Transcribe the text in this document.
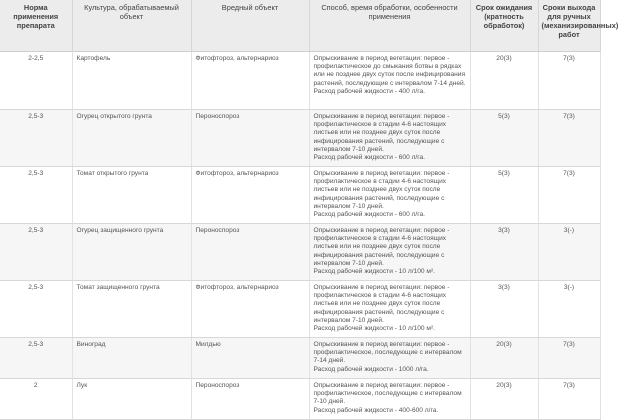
Норма применения препарата	Культура, обрабатываемый объект	Вредный объект	Способ, время обработки, особенности применения	Срок ожидания (кратность обработок)	Сроки выхода для ручных (механизированных) работ
2-2,5	Картофель	Фитофтороз, альтернариоз	Опрыскивание в период вегетации: первое - профилактическое до смыкания ботвы в рядках или не позднее двух суток после инфицирования растений, последующие с интервалом 7-14 дней.
Расход рабочей жидкости - 400 л/га.	20(3)	7(3)
2,5-3	Огурец открытого грунта	Пероноспороз	Опрыскивание в период вегетации: первое - профилактическое в стадии 4-6 настоящих листьев или не позднее двух суток после инфицирования растений, последующие с интервалом 7-10 дней.
Расход рабочей жидкости - 600 л/га.	5(3)	7(3)
2,5-3	Томат открытого грунта	Фитофтороз, альтернариоз	Опрыскивание в период вегетации: первое - профилактическое в стадии 4-6 настоящих листьев или не позднее двух суток после инфицирования растений, последующие с интервалом 7-10 дней.
Расход рабочей жидкости - 600 л/га.	5(3)	7(3)
2,5-3	Огурец защищенного грунта	Пероноспороз	Опрыскивание в период вегетации: первое - профилактическое в стадии 4-6 настоящих листьев или не позднее двух суток после инфицирования растений, последующие с интервалом 7-10 дней.
Расход рабочей жидкости - 10 л/100 м².	3(3)	3(-)
2,5-3	Томат защищенного грунта	Фитофтороз, альтернариоз	Опрыскивание в период вегетации: первое - профилактическое в стадии 4-6 настоящих листьев или не позднее двух суток после инфицирования растений, последующие с интервалом 7-10 дней.
Расход рабочей жидкости - 10 л/100 м².	3(3)	3(-)
2,5-3	Виноград	Милдью	Опрыскивание в период вегетации: первое - профилактическое, последующие с интервалом 7-14 дней.
Расход рабочей жидкости - 1000 л/га.	20(3)	7(3)
2	Лук	Пероноспороз	Опрыскивание в период вегетации: первое - профилактическое, последующие с интервалом 7-10 дней.
Расход рабочей жидкости - 400-600 л/га.	20(3)	7(3)
